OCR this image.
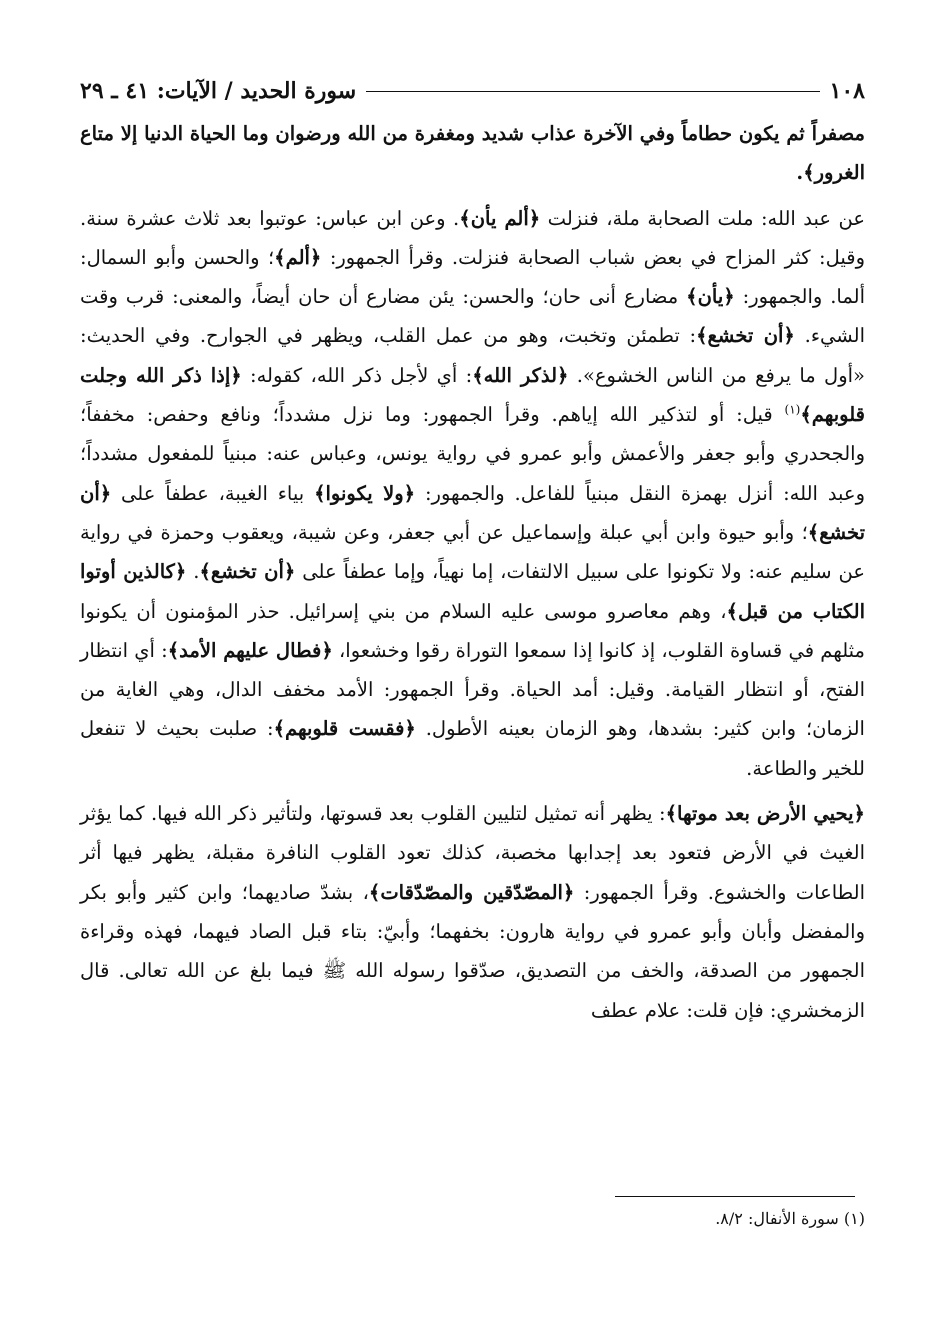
١٠٨
سورة الحديد / الآيات: ٤١ ـ ٢٩

مصفراً ثم يكون حطاماً وفي الآخرة عذاب شديد ومغفرة من الله ورضوان وما الحياة الدنيا إلا متاع الغرور﴾.

عن عبد الله: ملت الصحابة ملة، فنزلت ﴿ألم يأن﴾. وعن ابن عباس: عوتبوا بعد ثلاث عشرة سنة. وقيل: كثر المزاح في بعض شباب الصحابة فنزلت. وقرأ الجمهور: ﴿ألم﴾؛ والحسن وأبو السمال: ألما. والجمهور: ﴿يأن﴾ مضارع أنى حان؛ والحسن: يئن مضارع أن حان أيضاً، والمعنى: قرب وقت الشيء. ﴿أن تخشع﴾: تطمئن وتخبت، وهو من عمل القلب، ويظهر في الجوارح. وفي الحديث: «أول ما يرفع من الناس الخشوع». ﴿لذكر الله﴾: أي لأجل ذكر الله، كقوله: ﴿إذا ذكر الله وجلت قلوبهم﴾$^{(١)}$ قيل: أو لتذكير الله إياهم. وقرأ الجمهور: وما نزل مشدداً؛ ونافع وحفص: مخففاً؛ والجحدري وأبو جعفر والأعمش وأبو عمرو في رواية يونس، وعباس عنه: مبنياً للمفعول مشدداً؛ وعبد الله: أنزل بهمزة النقل مبنياً للفاعل. والجمهور: ﴿ولا يكونوا﴾ بياء الغيبة، عطفاً على ﴿أن تخشع﴾؛ وأبو حيوة وابن أبي عبلة وإسماعيل عن أبي جعفر، وعن شيبة، ويعقوب وحمزة في رواية عن سليم عنه: ولا تكونوا على سبيل الالتفات، إما نهياً، وإما عطفاً على ﴿أن تخشع﴾. ﴿كالذين أوتوا الكتاب من قبل﴾، وهم معاصرو موسى عليه السلام من بني إسرائيل. حذر المؤمنون أن يكونوا مثلهم في قساوة القلوب، إذ كانوا إذا سمعوا التوراة رقوا وخشعوا، ﴿فطال عليهم الأمد﴾: أي انتظار الفتح، أو انتظار القيامة. وقيل: أمد الحياة. وقرأ الجمهور: الأمد مخفف الدال، وهي الغاية من الزمان؛ وابن كثير: بشدها، وهو الزمان بعينه الأطول. ﴿فقست قلوبهم﴾: صلبت بحيث لا تنفعل للخير والطاعة.

﴿يحيي الأرض بعد موتها﴾: يظهر أنه تمثيل لتليين القلوب بعد قسوتها، ولتأثير ذكر الله فيها. كما يؤثر الغيث في الأرض فتعود بعد إجدابها مخصبة، كذلك تعود القلوب النافرة مقبلة، يظهر فيها أثر الطاعات والخشوع. وقرأ الجمهور: ﴿المصّدّقين والمصّدّقات﴾، بشدّ صاديهما؛ وابن كثير وأبو بكر والمفضل وأبان وأبو عمرو في رواية هارون: بخفهما؛ وأبيّ: بتاء قبل الصاد فيهما، فهذه وقراءة الجمهور من الصدقة، والخف من التصديق، صدّقوا رسوله الله ﷺ فيما بلغ عن الله تعالى. قال الزمخشري: فإن قلت: علام عطف

(١) سورة الأنفال: ٨/٢.
